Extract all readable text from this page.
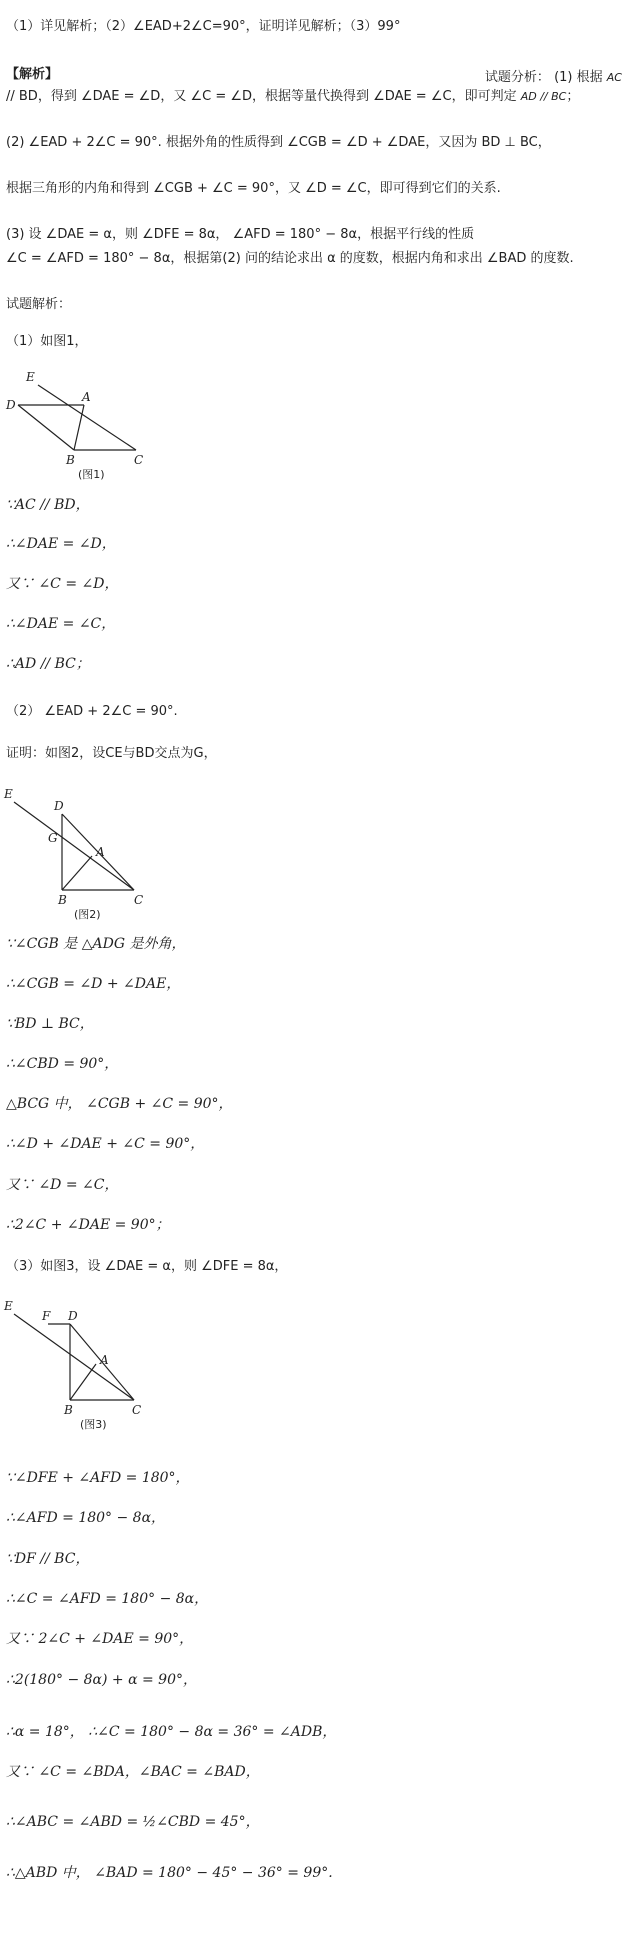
（1）详见解析；（2）∠EAD+2∠C=90°，证明详见解析；（3）99°
【解析】	试题分析： (1) 根据 AC
// BD，得到 ∠DAE = ∠D，又 ∠C = ∠D，根据等量代换得到 ∠DAE = ∠C，即可判定 AD // BC；
(2) ∠EAD + 2∠C = 90°. 根据外角的性质得到 ∠CGB = ∠D + ∠DAE，又因为 BD ⊥ BC，
根据三角形的内角和得到 ∠CGB + ∠C = 90°，又 ∠D = ∠C，即可得到它们的关系.
(3) 设 ∠DAE = α，则 ∠DFE = 8α， ∠AFD = 180° − 8α，根据平行线的性质
∠C = ∠AFD = 180° − 8α，根据第(2) 问的结论求出 α 的度数，根据内角和求出 ∠BAD 的度数.
试题解析：
（1）如图1，
E
D
A
B	C
(图1)
∵AC // BD，
∴∠DAE = ∠D，
又∵ ∠C = ∠D，
∴∠DAE = ∠C，
∴AD // BC；
（2） ∠EAD + 2∠C = 90°.
证明：如图2，设CE与BD交点为G，
E
D
G
A
B	C
(图2)
∵∠CGB 是 △ADG 是外角，
∴∠CGB = ∠D + ∠DAE，
∵BD ⊥ BC，
∴∠CBD = 90°，
△BCG 中， ∠CGB + ∠C = 90°，
∴∠D + ∠DAE + ∠C = 90°，
又∵ ∠D = ∠C，
∴2∠C + ∠DAE = 90°；
（3）如图3，设 ∠DAE = α，则 ∠DFE = 8α，
E
F D
A
B	C
(图3)
∵∠DFE + ∠AFD = 180°，
∴∠AFD = 180° − 8α，
∵DF // BC，
∴∠C = ∠AFD = 180° − 8α，
又∵ 2∠C + ∠DAE = 90°，
∴2(180° − 8α) + α = 90°，
∴α = 18°， ∴∠C = 180° − 8α = 36° = ∠ADB，
又∵ ∠C = ∠BDA，∠BAC = ∠BAD，
∴∠ABC = ∠ABD = ½∠CBD = 45°，
∴△ABD 中， ∠BAD = 180° − 45° − 36° = 99°.
